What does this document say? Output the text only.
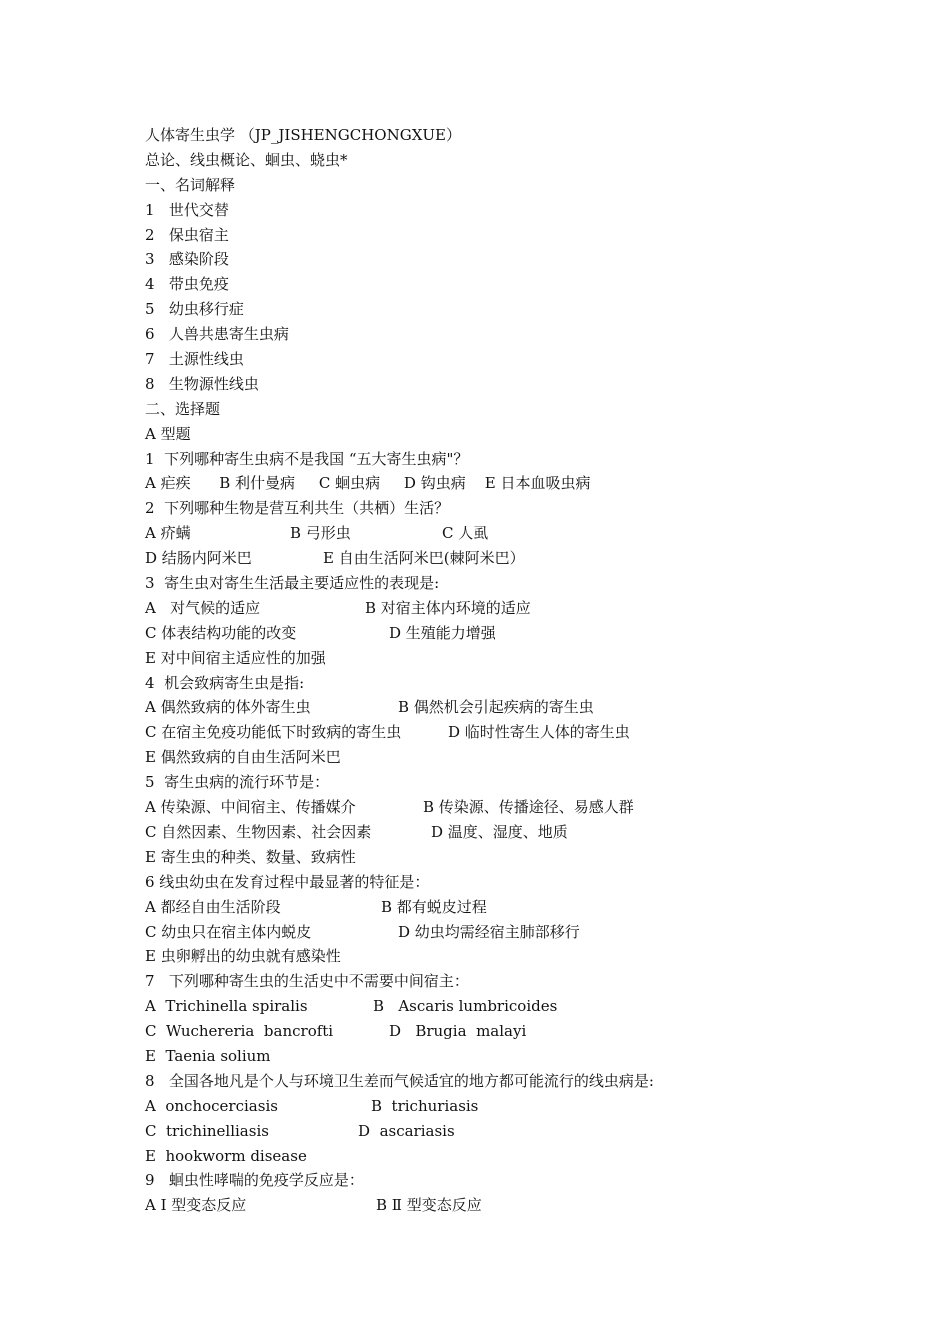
人体寄生虫学 （JP_JISHENGCHONGXUE）
总论、线虫概论、蛔虫、蛲虫*
一、名词解释
1   世代交替
2   保虫宿主
3   感染阶段
4   带虫免疫
5   幼虫移行症
6   人兽共患寄生虫病
7   土源性线虫
8   生物源性线虫
二、选择题
A 型题
1  下列哪种寄生虫病不是我国 “五大寄生虫病"？
A 疟疾      B 利什曼病     C 蛔虫病     D 钩虫病    E 日本血吸虫病
2  下列哪种生物是营互利共生（共栖）生活？

A 疥螨

	B 弓形虫

	C 人虱

D 结肠内阿米巴

	E 自由生活阿米巴(棘阿米巴）

3  寄生虫对寄生生活最主要适应性的表现是:

A   对气候的适应

	B 对宿主体内环境的适应

C 体表结构功能的改变

	D 生殖能力增强

E 对中间宿主适应性的加强
4  机会致病寄生虫是指:

A 偶然致病的体外寄生虫

	B 偶然机会引起疾病的寄生虫

C 在宿主免疫功能低下时致病的寄生虫

	D 临时性寄生人体的寄生虫

E 偶然致病的自由生活阿米巴
5  寄生虫病的流行环节是：

A 传染源、中间宿主、传播媒介

	B 传染源、传播途径、易感人群

C 自然因素、生物因素、社会因素

	D 温度、湿度、地质

E 寄生虫的种类、数量、致病性
6 线虫幼虫在发育过程中最显著的特征是：

A 都经自由生活阶段

	B 都有蜕皮过程

C 幼虫只在宿主体内蜕皮

	D 幼虫均需经宿主肺部移行

E 虫卵孵出的幼虫就有感染性
7   下列哪种寄生虫的生活史中不需要中间宿主：

A  Trichinella spiralis

	B   Ascaris lumbricoides

C  Wuchereria  bancrofti

	D   Brugia  malayi

E  Taenia solium
8   全国各地凡是个人与环境卫生差而气候适宜的地方都可能流行的线虫病是:

A  onchocerciasis

	B  trichuriasis

C  trichinelliasis

	D  ascariasis

E  hookworm disease
9   蛔虫性哮喘的免疫学反应是：

A Ⅰ 型变态反应

	B Ⅱ 型变态反应
